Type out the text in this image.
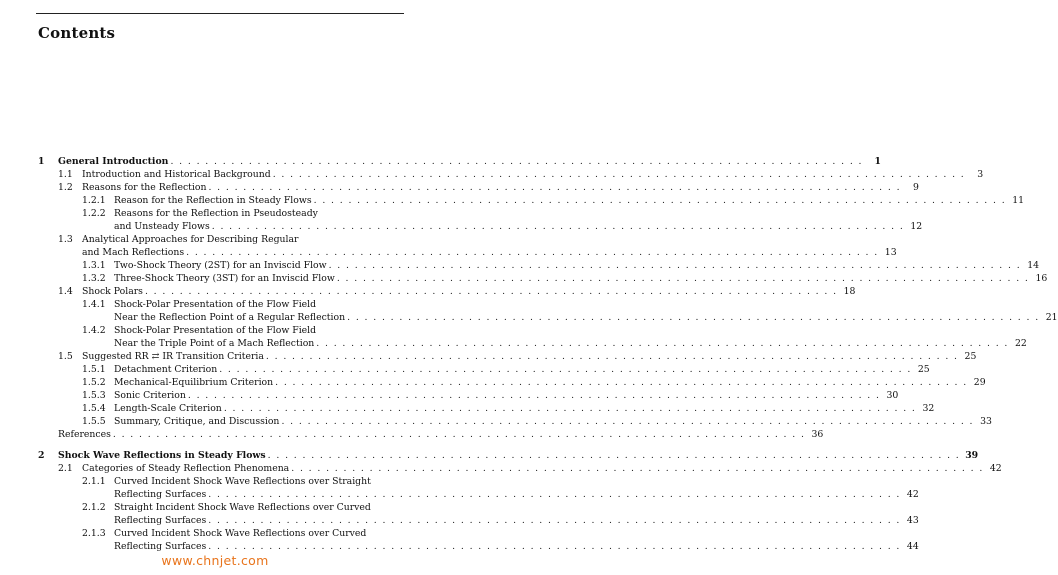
Contents
1 General Introduction . . . . . . . . . . . . . . . . . . . . . . . . . . . . . . . . . . . . . . . . . . . . . . . . . . . . . . . . . . . . . . . . . . . . . . . . . . . . . . . .	1
1.1 Introduction and Historical Background . . . . . . . . . . . . . . . . . . . . . . . . . . . . . . . . . . . . . . . . . . . . . . . . . . . . . . . . . . . . . . . . . . . . . . . . . . . . . . . .	3
1.2 Reasons for the Reflection . . . . . . . . . . . . . . . . . . . . . . . . . . . . . . . . . . . . . . . . . . . . . . . . . . . . . . . . . . . . . . . . . . . . . . . . . . . . . . . .	9
1.2.1 Reason for the Reflection in Steady Flows . . . . . . . . . . . . . . . . . . . . . . . . . . . . . . . . . . . . . . . . . . . . . . . . . . . . . . . . . . . . . . . . . . . . . . . . . . . . . . . . 11
1.2.2 Reasons for the Reflection in Pseudosteady
and Unsteady Flows . . . . . . . . . . . . . . . . . . . . . . . . . . . . . . . . . . . . . . . . . . . . . . . . . . . . . . . . . . . . . . . . . . . . . . . . . . . . . . . . 12
1.3 Analytical Approaches for Describing Regular
and Mach Reflections . . . . . . . . . . . . . . . . . . . . . . . . . . . . . . . . . . . . . . . . . . . . . . . . . . . . . . . . . . . . . . . . . . . . . . . . . . . . . . . . 13
1.3.1 Two-Shock Theory (2ST) for an Inviscid Flow . . . . . . . . . . . . . . . . . . . . . . . . . . . . . . . . . . . . . . . . . . . . . . . . . . . . . . . . . . . . . . . . . . . . . . . . . . . . . . . . 14
1.3.2 Three-Shock Theory (3ST) for an Inviscid Flow . . . . . . . . . . . . . . . . . . . . . . . . . . . . . . . . . . . . . . . . . . . . . . . . . . . . . . . . . . . . . . . . . . . . . . . . . . . . . . . . 16
1.4 Shock Polars . . . . . . . . . . . . . . . . . . . . . . . . . . . . . . . . . . . . . . . . . . . . . . . . . . . . . . . . . . . . . . . . . . . . . . . . . . . . . . . . 18
1.4.1 Shock-Polar Presentation of the Flow Field
Near the Reflection Point of a Regular Reflection . . . . . . . . . . . . . . . . . . . . . . . . . . . . . . . . . . . . . . . . . . . . . . . . . . . . . . . . . . . . . . . . . . . . . . . . . . . . . . . . 21
1.4.2 Shock-Polar Presentation of the Flow Field
Near the Triple Point of a Mach Reflection . . . . . . . . . . . . . . . . . . . . . . . . . . . . . . . . . . . . . . . . . . . . . . . . . . . . . . . . . . . . . . . . . . . . . . . . . . . . . . . . 22
1.5 Suggested RR ⇄ IR Transition Criteria . . . . . . . . . . . . . . . . . . . . . . . . . . . . . . . . . . . . . . . . . . . . . . . . . . . . . . . . . . . . . . . . . . . . . . . . . . . . . . . . 25
1.5.1 Detachment Criterion . . . . . . . . . . . . . . . . . . . . . . . . . . . . . . . . . . . . . . . . . . . . . . . . . . . . . . . . . . . . . . . . . . . . . . . . . . . . . . . . 25
1.5.2 Mechanical-Equilibrium Criterion . . . . . . . . . . . . . . . . . . . . . . . . . . . . . . . . . . . . . . . . . . . . . . . . . . . . . . . . . . . . . . . . . . . . . . . . . . . . . . . . 29
1.5.3 Sonic Criterion . . . . . . . . . . . . . . . . . . . . . . . . . . . . . . . . . . . . . . . . . . . . . . . . . . . . . . . . . . . . . . . . . . . . . . . . . . . . . . . . 30
1.5.4 Length-Scale Criterion . . . . . . . . . . . . . . . . . . . . . . . . . . . . . . . . . . . . . . . . . . . . . . . . . . . . . . . . . . . . . . . . . . . . . . . . . . . . . . . . 32
1.5.5 Summary, Critique, and Discussion . . . . . . . . . . . . . . . . . . . . . . . . . . . . . . . . . . . . . . . . . . . . . . . . . . . . . . . . . . . . . . . . . . . . . . . . . . . . . . . . 33
References . . . . . . . . . . . . . . . . . . . . . . . . . . . . . . . . . . . . . . . . . . . . . . . . . . . . . . . . . . . . . . . . . . . . . . . . . . . . . . . . 36
2 Shock Wave Reflections in Steady Flows . . . . . . . . . . . . . . . . . . . . . . . . . . . . . . . . . . . . . . . . . . . . . . . . . . . . . . . . . . . . . . . . . . . . . . . . . . . . . . . . 39
2.1 Categories of Steady Reflection Phenomena . . . . . . . . . . . . . . . . . . . . . . . . . . . . . . . . . . . . . . . . . . . . . . . . . . . . . . . . . . . . . . . . . . . . . . . . . . . . . . . . 42
2.1.1 Curved Incident Shock Wave Reflections over Straight
Reflecting Surfaces . . . . . . . . . . . . . . . . . . . . . . . . . . . . . . . . . . . . . . . . . . . . . . . . . . . . . . . . . . . . . . . . . . . . . . . . . . . . . . . . 42
2.1.2 Straight Incident Shock Wave Reflections over Curved
Reflecting Surfaces . . . . . . . . . . . . . . . . . . . . . . . . . . . . . . . . . . . . . . . . . . . . . . . . . . . . . . . . . . . . . . . . . . . . . . . . . . . . . . . . 43
2.1.3 Curved Incident Shock Wave Reflections over Curved
Reflecting Surfaces . . . . . . . . . . . . . . . . . . . . . . . . . . . . . . . . . . . . . . . . . . . . . . . . . . . . . . . . . . . . . . . . . . . . . . . . . . . . . . . . 44
www.chnjet.com
